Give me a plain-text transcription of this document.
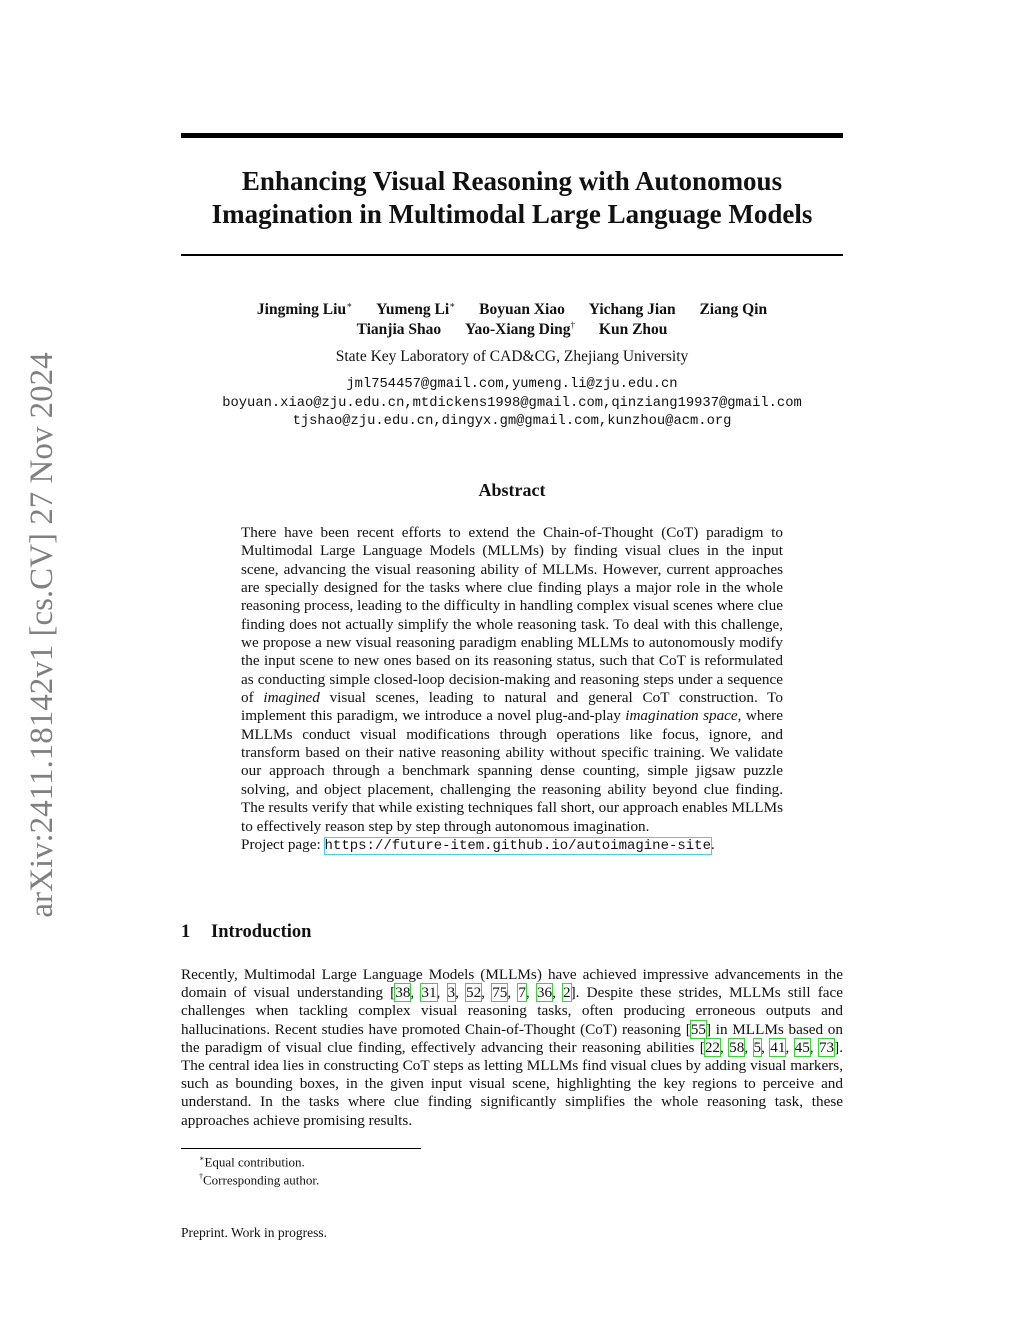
arXiv:2411.18142v1 [cs.CV] 27 Nov 2024
Enhancing Visual Reasoning with Autonomous
Imagination in Multimodal Large Language Models
Jingming Liu∗ Yumeng Li∗ Boyuan Xiao Yichang Jian Ziang Qin
Tianjia Shao Yao-Xiang Ding† Kun Zhou
State Key Laboratory of CAD&CG, Zhejiang University
jml754457@gmail.com,yumeng.li@zju.edu.cn
boyuan.xiao@zju.edu.cn,mtdickens1998@gmail.com,qinziang19937@gmail.com
tjshao@zju.edu.cn,dingyx.gm@gmail.com,kunzhou@acm.org
Abstract

There have been recent efforts to extend the Chain-of-Thought (CoT) paradigm to Multimodal Large Language Models (MLLMs) by finding visual clues in the input scene, advancing the visual reasoning ability of MLLMs. However, current approaches are specially designed for the tasks where clue finding plays a major role in the whole reasoning process, leading to the difficulty in handling complex visual scenes where clue finding does not actually simplify the whole reasoning task. To deal with this challenge, we propose a new visual reasoning paradigm enabling MLLMs to autonomously modify the input scene to new ones based on its reasoning status, such that CoT is reformulated as conducting simple closed-loop decision-making and reasoning steps under a sequence of imagined visual scenes, leading to natural and general CoT construction. To implement this paradigm, we introduce a novel plug-and-play imagination space, where MLLMs conduct visual modifications through operations like focus, ignore, and transform based on their native reasoning ability without specific training. We validate our approach through a benchmark spanning dense counting, simple jigsaw puzzle solving, and object placement, challenging the reasoning ability beyond clue finding. The results verify that while existing techniques fall short, our approach enables MLLMs to effectively reason step by step through autonomous imagination.

Project page: https://future-item.github.io/autoimagine-site.

1 Introduction

Recently, Multimodal Large Language Models (MLLMs) have achieved impressive advancements in the domain of visual understanding [38, 31, 3, 52, 75, 7, 36, 2]. Despite these strides, MLLMs still face challenges when tackling complex visual reasoning tasks, often producing erroneous outputs and hallucinations. Recent studies have promoted Chain-of-Thought (CoT) reasoning [55] in MLLMs based on the paradigm of visual clue finding, effectively advancing their reasoning abilities [22, 58, 5, 41, 45, 73]. The central idea lies in constructing CoT steps as letting MLLMs find visual clues by adding visual markers, such as bounding boxes, in the given input visual scene, highlighting the key regions to perceive and understand. In the tasks where clue finding significantly simplifies the whole reasoning task, these approaches achieve promising results.

∗Equal contribution.
†Corresponding author.
Preprint. Work in progress.
